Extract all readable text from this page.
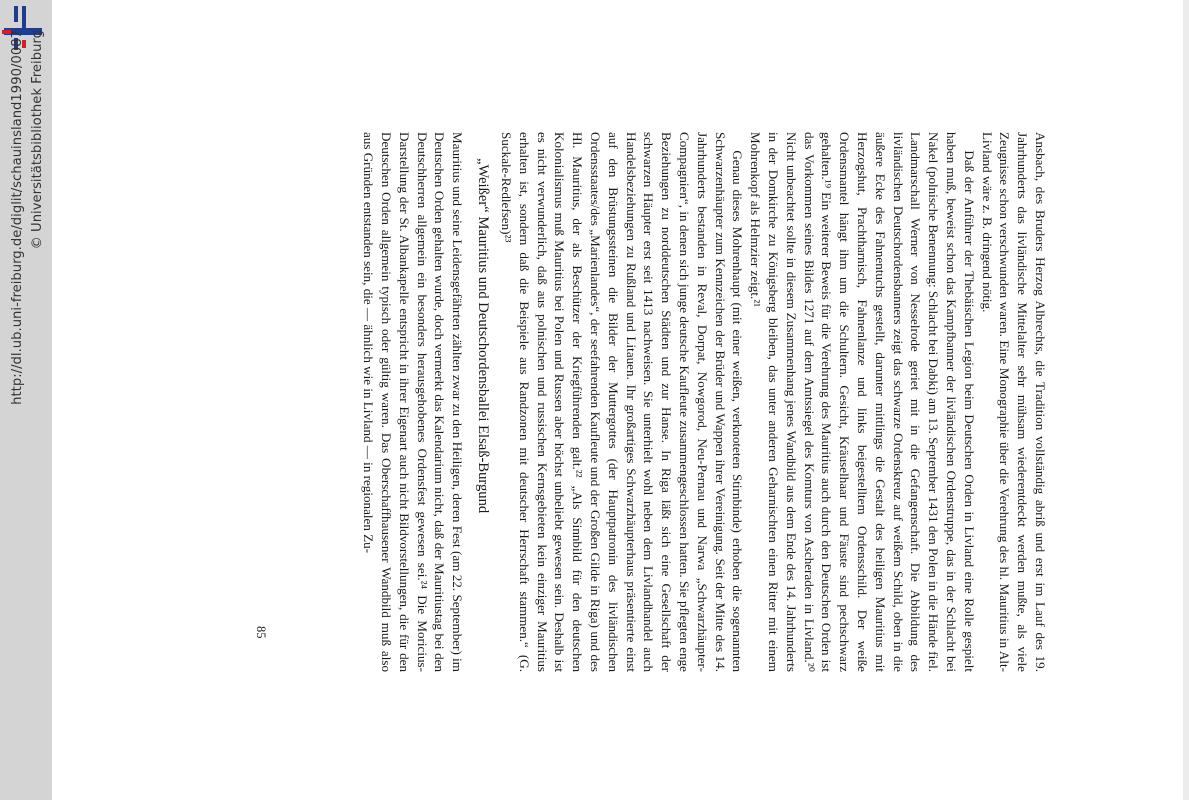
http://dl.ub.uni-freiburg.de/diglit/schauinsland1990/0087 © Universitätsbibliothek Freiburg	Ansbach, des Bruders Herzog Albrechts, die Tradition vollständig abriß und erst im Lauf des 19. Jahrhunderts das livländische Mittelalter sehr mühsam wiederentdeckt werden mußte, als viele Zeugnisse schon verschwunden waren. Eine Monographie über die Verehrung des hl. Mauritius in Alt-Livland wäre z. B. dringend nötig.

Daß der Anführer der Thebäischen Legion beim Deutschen Orden in Livland eine Rolle gespielt haben muß, beweist schon das Kampfbanner der livländischen Ordenstruppe, das in der Schlacht bei Nakel (polnische Benennung: Schlacht bei Dabki) am 13. September 1431 den Polen in die Hände fiel. Landmarschall Werner von Nesselrode geriet mit in die Gefangenschaft. Die Abbildung des livländischen Deutschordensbanners zeigt das schwarze Ordenskreuz auf weißem Schild, oben in die äußere Ecke des Fahnentuchs gestellt, darunter mittlings die Gestalt des heiligen Mauritius mit Herzogshut, Prachtharnisch, Fahnenlanze und links beigestelltem Ordensschild. Der weiße Ordensmantel hängt ihm um die Schultern. Gesicht, Kräuselhaar und Fäuste sind pechschwarz gehalten.¹⁹ Ein weiterer Beweis für die Verehrung des Mauritius auch durch den Deutschen Orden ist das Vorkommen seines Bildes 1271 auf dem Amtssiegel des Komturs von Ascheraden in Livland.²⁰ Nicht unbeachtet sollte in diesem Zusammenhang jenes Wandbild aus dem Ende des 14. Jahrhunderts in der Domkirche zu Königsberg bleiben, das unter anderen Geharnischten einen Ritter mit einem Mohrenkopf als Helmzier zeigt.²¹

Genau dieses Mohrenhaupt (mit einer weißen, verknoteten Stirnbinde) erhoben die sogenannten Schwarzenhäupter zum Kennzeichen der Brüder und Wappen ihrer Vereinigung. Seit der Mitte des 14. Jahrhunderts bestanden in Reval, Dorpat, Nowgorod, Neu-Pernau und Narwa „Schwarzhäupter-Compagnien“, in denen sich junge deutsche Kaufleute zusammengeschlossen hatten. Sie pflegten enge Beziehungen zu norddeutschen Städten und zur Hanse. In Riga läßt sich eine Gesellschaft der schwarzen Häupter erst seit 1413 nachweisen. Sie unterhielt wohl neben dem Livlandhandel auch Handelsbeziehungen zu Rußland und Litauen. Ihr großartiges Schwarzhäupterhaus präsentierte einst auf den Brüstungssteinen die Bilder der Muttergottes (der Hauptpatronin des livländischen Ordensstaates/des „Marienlandes“, der seefahrenden Kaufleute und der Großen Gilde in Riga) und des Hl. Mauritius, der als Beschützer der Kriegführenden galt.²² „Als Sinnbild für den deutschen Kolonialismus muß Mauritius bei Polen und Russen aber höchst unbeliebt gewesen sein. Deshalb ist es nicht verwunderlich, daß aus polnischen und russischen Kernsgebieten kein einziger Mauritius erhalten ist, sondern daß die Beispiele aus Randzonen mit deutscher Herrschaft stammen.“ (G. Suckale-Redlefsen)²³

„Weißer“ Mauritius und Deutschordensballei Elsaß-Burgund

Mauritius und seine Leidensgefährten zählten zwar zu den Heiligen, deren Fest (am 22. September) im Deutschen Orden gehalten wurde, doch vermerkt das Kalendarium nicht, daß der Mauritiustag bei den Deutschherren allgemein ein besonders herausgehobenes Ordensfest gewesen sei.²⁴ Die Moricius-Darstellung der St. Albankapelle entspricht in ihrer Eigenart auch nicht Bildvorstellungen, die für den Deutschen Orden allgemein typisch oder gültig waren. Das Oberschaffhausener Wandbild muß also aus Gründen entstanden sein, die — ähnlich wie in Livland — in regionalen Zu-

85
